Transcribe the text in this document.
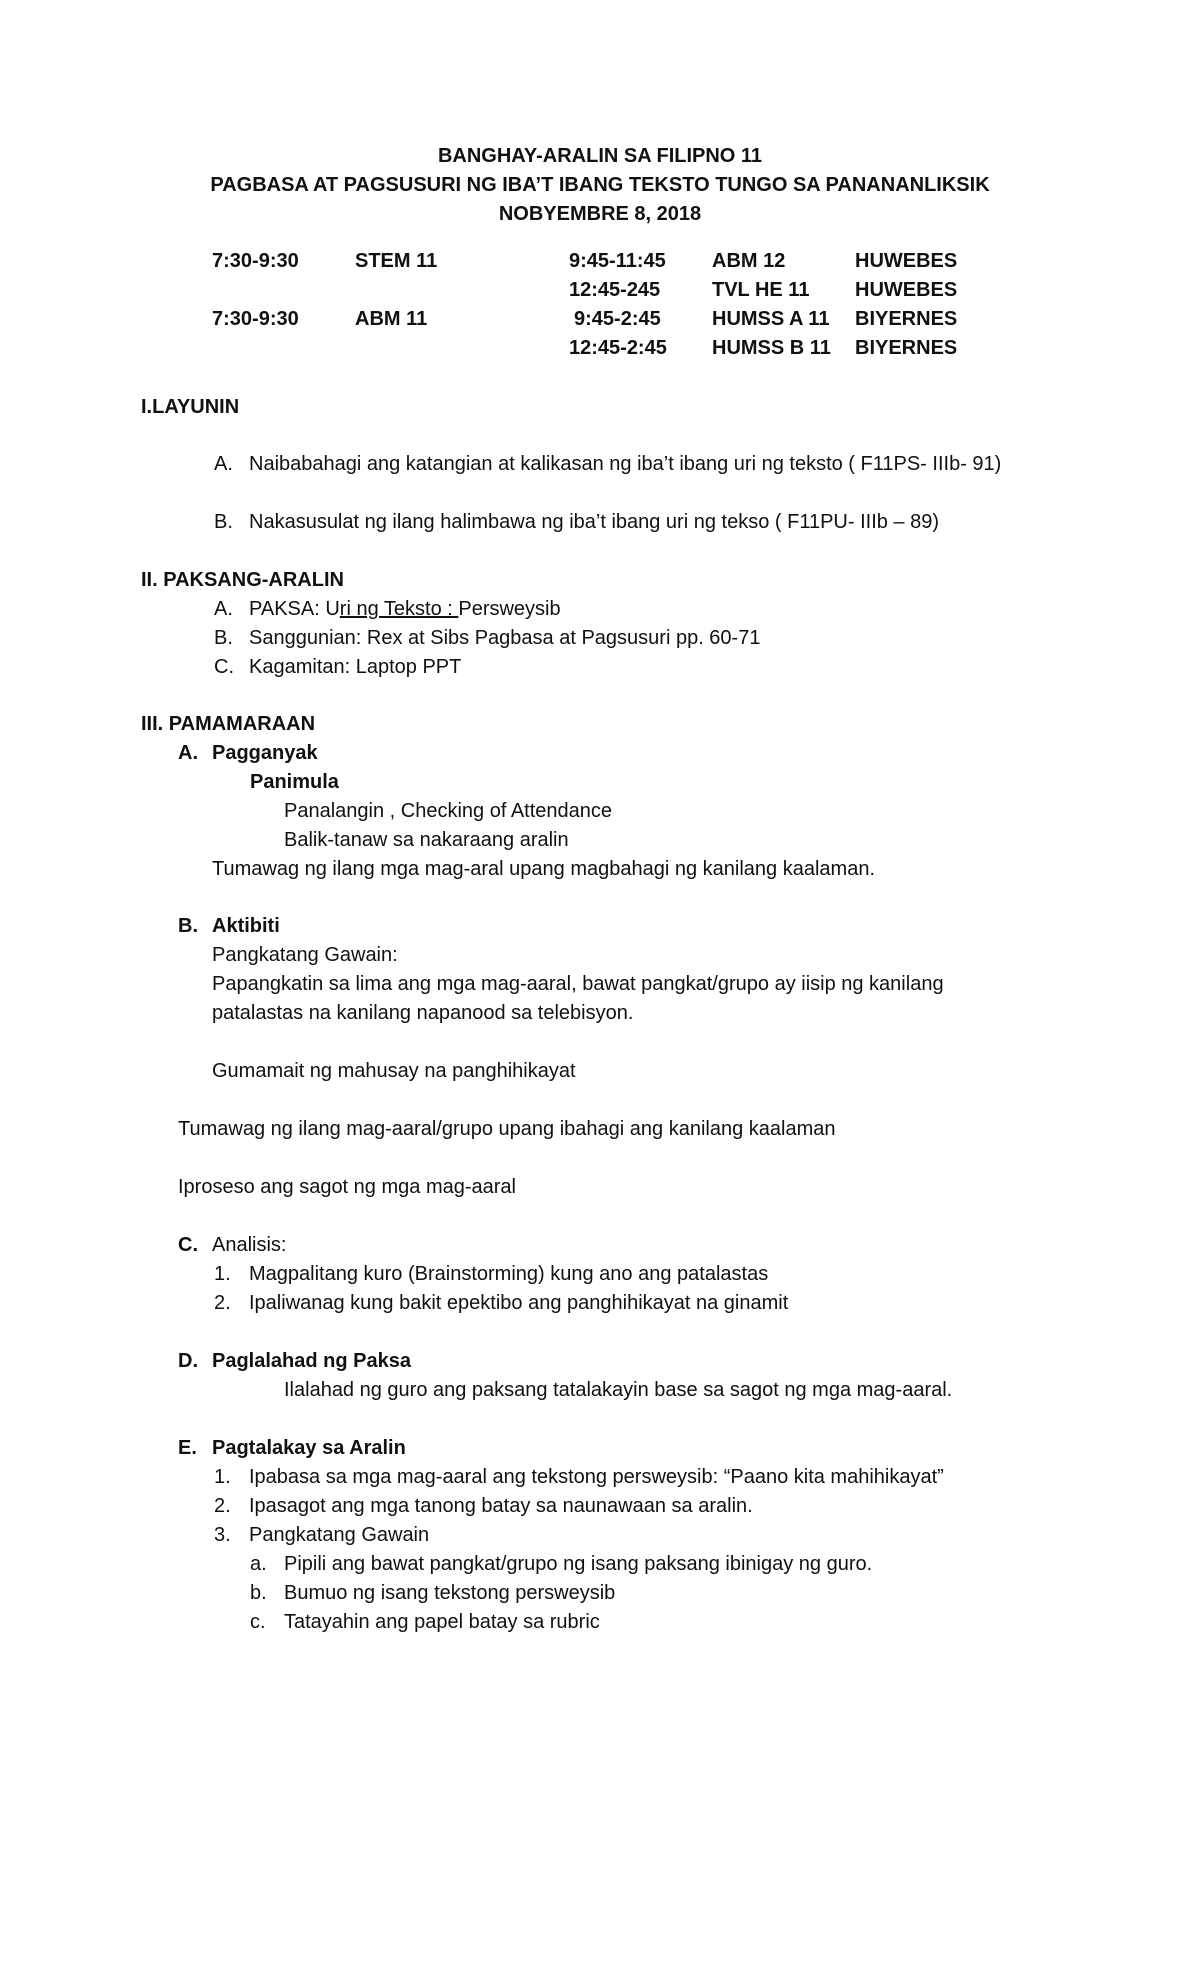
BANGHAY-ARALIN SA FILIPNO 11
PAGBASA AT PAGSUSURI NG IBA’T IBANG TEKSTO TUNGO SA PANANANLIKSIK
NOBYEMBRE 8, 2018
7:30-9:30	STEM 11	9:45-11:45 ABM 12	HUWEBES
12:45-245	TVL HE 11 HUWEBES
7:30-9:30	ABM 11	9:45-2:45	HUMSS A 11 BIYERNES
12:45-2:45 HUMSS B 11 BIYERNES
I.LAYUNIN
A. Naibabahagi ang katangian at kalikasan ng iba’t ibang uri ng teksto ( F11PS- IIIb- 91)
B. Nakasusulat ng ilang halimbawa ng iba’t ibang uri ng tekso ( F11PU- IIIb – 89)
II. PAKSANG-ARALIN
A. PAKSA: Uri ng Teksto : Persweysib
B. Sanggunian: Rex at Sibs Pagbasa at Pagsusuri pp. 60-71
C. Kagamitan: Laptop PPT
III. PAMAMARAAN
A. Pagganyak
Panimula
Panalangin , Checking of Attendance
Balik-tanaw sa nakaraang aralin
Tumawag ng ilang mga mag-aral upang magbahagi ng kanilang kaalaman.
B. Aktibiti
Pangkatang Gawain:
Papangkatin sa lima ang mga mag-aaral, bawat pangkat/grupo ay iisip ng kanilang
patalastas na kanilang napanood sa telebisyon.
Gumamait ng mahusay na panghihikayat
Tumawag ng ilang mag-aaral/grupo upang ibahagi ang kanilang kaalaman
Iproseso ang sagot ng mga mag-aaral
C. Analisis:
1. Magpalitang kuro (Brainstorming) kung ano ang patalastas
2. Ipaliwanag kung bakit epektibo ang panghihikayat na ginamit
D. Paglalahad ng Paksa
Ilalahad ng guro ang paksang tatalakayin base sa sagot ng mga mag-aaral.
E. Pagtalakay sa Aralin
1. Ipabasa sa mga mag-aaral ang tekstong persweysib: “Paano kita mahihikayat”
2. Ipasagot ang mga tanong batay sa naunawaan sa aralin.
3. Pangkatang Gawain
a. Pipili ang bawat pangkat/grupo ng isang paksang ibinigay ng guro.
b. Bumuo ng isang tekstong persweysib
c. Tatayahin ang papel batay sa rubric
